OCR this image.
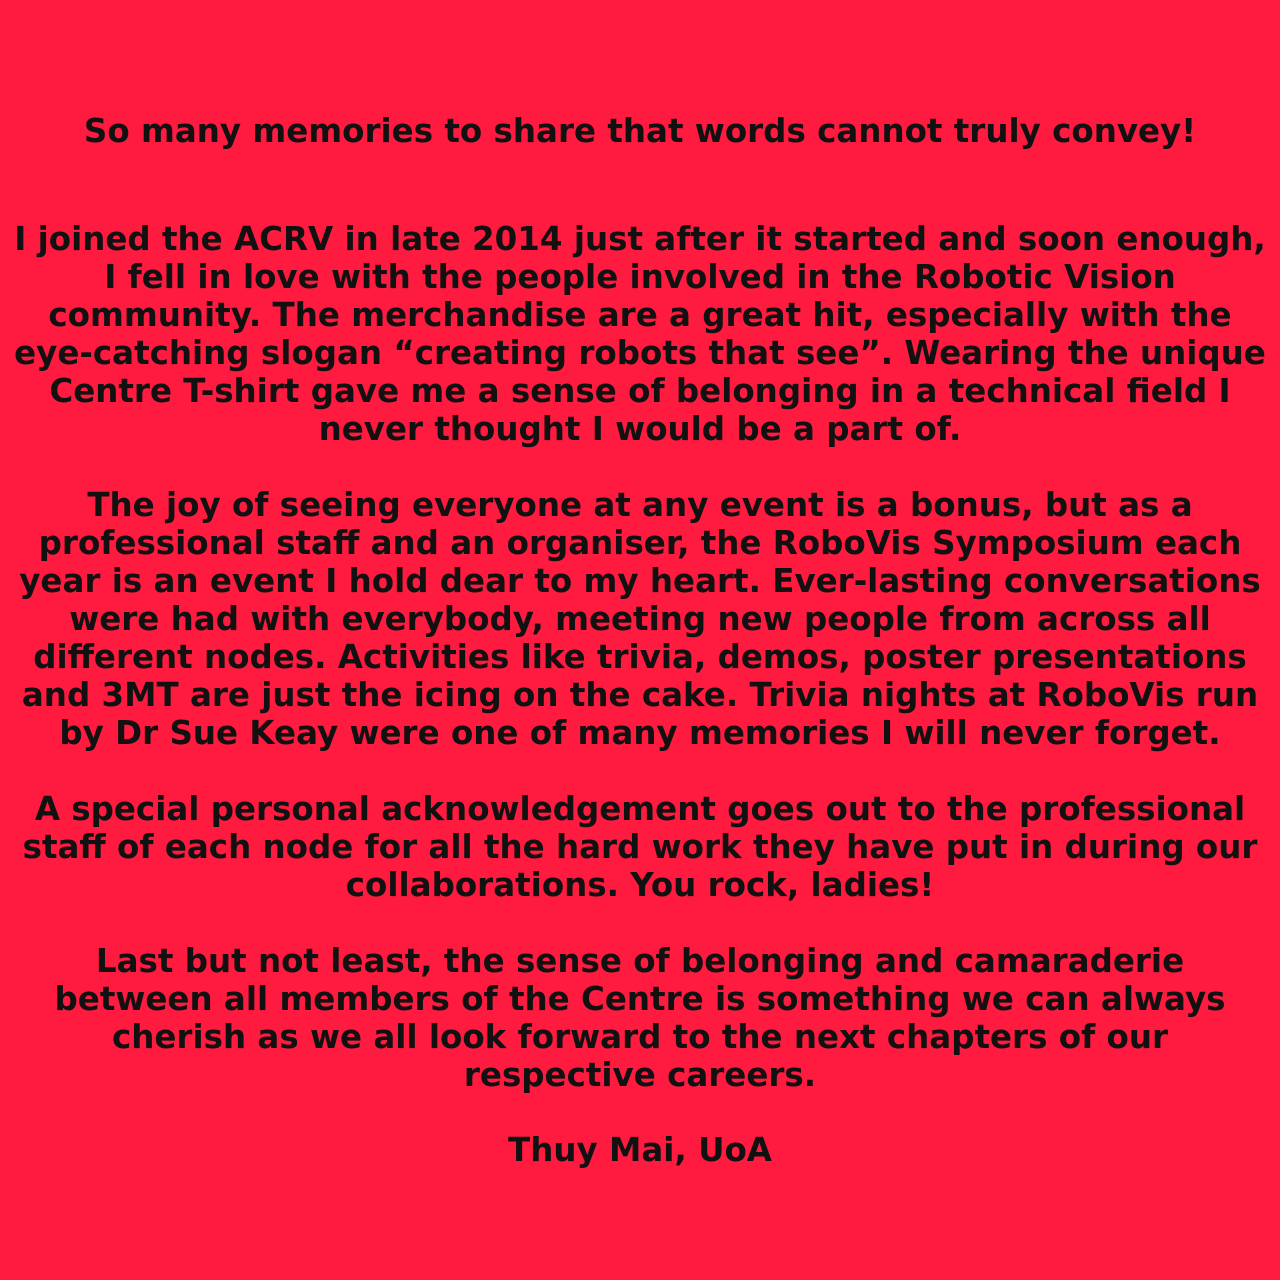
So many memories to share that words cannot truly convey!

I joined the ACRV in late 2014 just after it started and soon enough, I fell in love with the people involved in the Robotic Vision community. The merchandise are a great hit, especially with the eye-catching slogan “creating robots that see”. Wearing the unique Centre T-shirt gave me a sense of belonging in a technical field I never thought I would be a part of.

The joy of seeing everyone at any event is a bonus, but as a professional staff and an organiser, the RoboVis Symposium each year is an event I hold dear to my heart. Ever-lasting conversations were had with everybody, meeting new people from across all different nodes. Activities like trivia, demos, poster presentations and 3MT are just the icing on the cake. Trivia nights at RoboVis run by Dr Sue Keay were one of many memories I will never forget.

A special personal acknowledgement goes out to the professional staff of each node for all the hard work they have put in during our collaborations. You rock, ladies!

Last but not least, the sense of belonging and camaraderie between all members of the Centre is something we can always cherish as we all look forward to the next chapters of our respective careers.

Thuy Mai, UoA
